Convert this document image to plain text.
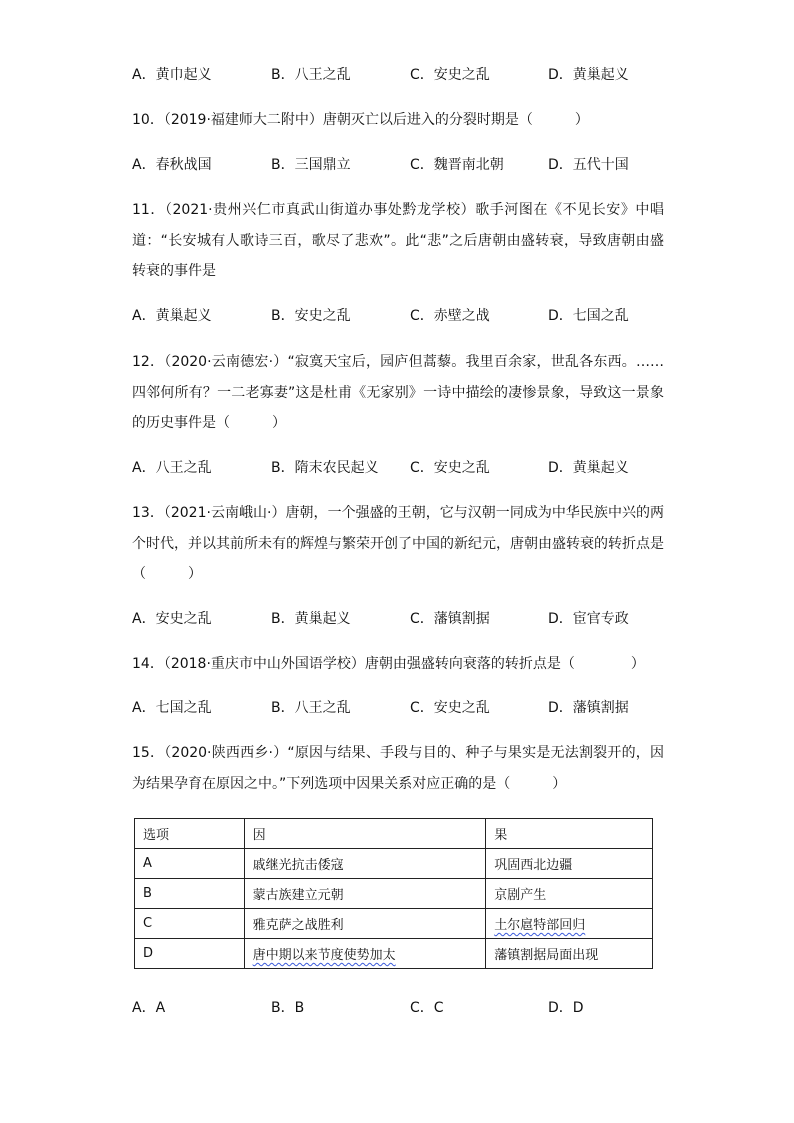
A．黄巾起义	B．八王之乱	C．安史之乱	D．黄巢起义
10．（2019·福建师大二附中）唐朝灭亡以后进入的分裂时期是（　　　）
A．春秋战国	B．三国鼎立	C．魏晋南北朝	D．五代十国
11．（2021·贵州兴仁市真武山街道办事处黔龙学校）歌手河图在《不见长安》中唱道：“长安城有人歌诗三百，歌尽了悲欢”。此“悲”之后唐朝由盛转衰，导致唐朝由盛转衰的事件是
A．黄巢起义	B．安史之乱	C．赤壁之战	D．七国之乱
12．（2020·云南德宏·）“寂寞天宝后，园庐但蒿藜。我里百余家，世乱各东西。……四邻何所有？一二老寡妻”这是杜甫《无家别》一诗中描绘的凄惨景象，导致这一景象的历史事件是（　　　）
A．八王之乱	B．隋末农民起义 C．安史之乱	D．黄巢起义
13．（2021·云南峨山·）唐朝，一个强盛的王朝，它与汉朝一同成为中华民族中兴的两个时代，并以其前所未有的辉煌与繁荣开创了中国的新纪元，唐朝由盛转衰的转折点是（　　　）
A．安史之乱	B．黄巢起义	C．藩镇割据	D．宦官专政
14．（2018·重庆市中山外国语学校）唐朝由强盛转向衰落的转折点是（　　　　）
A．七国之乱	B．八王之乱	C．安史之乱	D．藩镇割据
15．（2020·陕西西乡·）“原因与结果、手段与目的、种子与果实是无法割裂开的，因为结果孕育在原因之中。”下列选项中因果关系对应正确的是（　　　）
选项	因	果
A	戚继光抗击倭寇	巩固西北边疆
B	蒙古族建立元朝	京剧产生
C	雅克萨之战胜利	土尔扈特部回归
D	唐中期以来节度使势加太	藩镇割据局面出现
A．A	B．B	C．C	D．D
